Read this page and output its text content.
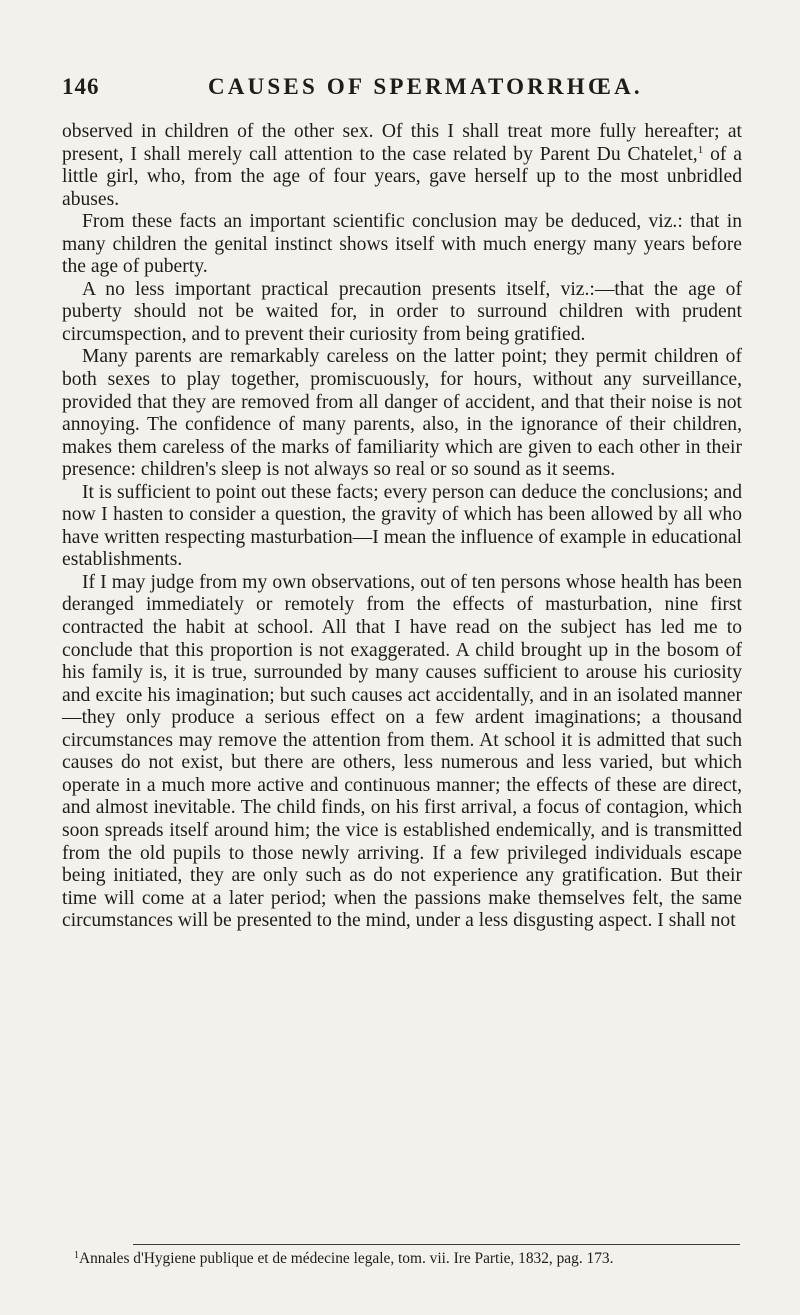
146	CAUSES OF SPERMATORRHŒA.

observed in children of the other sex. Of this I shall treat more fully hereafter; at present, I shall merely call attention to the case related by Parent Du Chatelet,$^1$ of a little girl, who, from the age of four years, gave herself up to the most unbridled abuses.

From these facts an important scientific conclusion may be deduced, viz.: that in many children the genital instinct shows itself with much energy many years before the age of puberty.

A no less important practical precaution presents itself, viz.:—that the age of puberty should not be waited for, in order to surround children with prudent circumspection, and to prevent their curiosity from being gratified.

Many parents are remarkably careless on the latter point; they permit children of both sexes to play together, promiscuously, for hours, without any surveillance, provided that they are removed from all danger of accident, and that their noise is not annoying. The confidence of many parents, also, in the ignorance of their children, makes them careless of the marks of familiarity which are given to each other in their presence: children's sleep is not always so real or so sound as it seems.

It is sufficient to point out these facts; every person can deduce the conclusions; and now I hasten to consider a question, the gravity of which has been allowed by all who have written respecting masturbation—I mean the influence of example in educational establishments.

If I may judge from my own observations, out of ten persons whose health has been deranged immediately or remotely from the effects of masturbation, nine first contracted the habit at school. All that I have read on the subject has led me to conclude that this proportion is not exaggerated. A child brought up in the bosom of his family is, it is true, surrounded by many causes sufficient to arouse his curiosity and excite his imagination; but such causes act accidentally, and in an isolated manner—they only produce a serious effect on a few ardent imaginations; a thousand circumstances may remove the attention from them. At school it is admitted that such causes do not exist, but there are others, less numerous and less varied, but which operate in a much more active and continuous manner; the effects of these are direct, and almost inevitable. The child finds, on his first arrival, a focus of contagion, which soon spreads itself around him; the vice is established endemically, and is transmitted from the old pupils to those newly arriving. If a few privileged individuals escape being initiated, they are only such as do not experience any gratification. But their time will come at a later period; when the passions make themselves felt, the same circumstances will be presented to the mind, under a less disgusting aspect. I shall not

$^1$Annales d'Hygiene publique et de médecine legale, tom. vii. Ire Partie, 1832, pag. 173.
